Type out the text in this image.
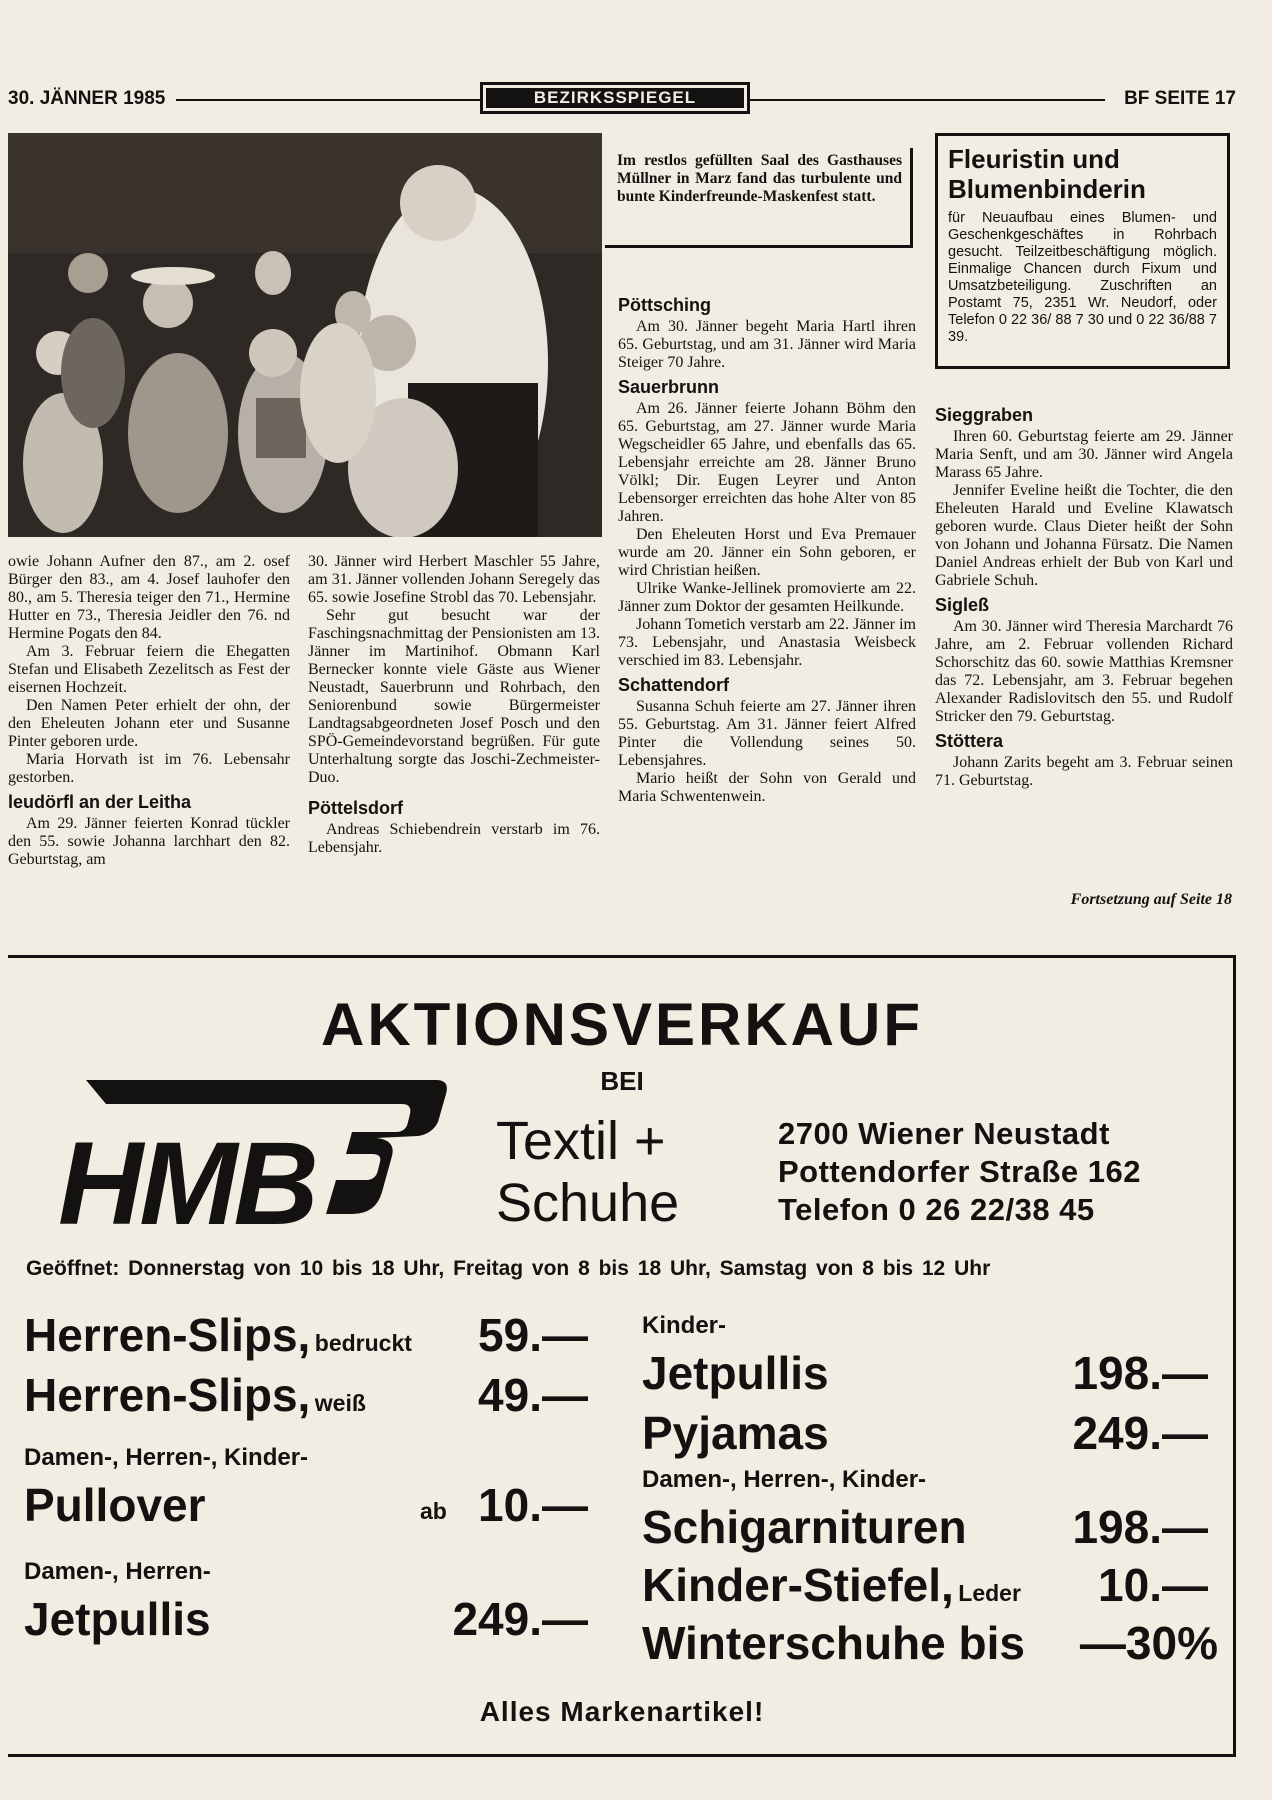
30. JÄNNER 1985	BEZIRKSSPIEGEL	BF SEITE 17
Im restlos gefüllten Saal des Gasthauses Müllner in Marz fand das turbulente und bunte Kinderfreunde-Maskenfest statt.

owie Johann Aufner den 87., am 2. osef Bürger den 83., am 4. Josef lauhofer den 80., am 5. Theresia teiger den 71., Hermine Hutter en 73., Theresia Jeidler den 76. nd Hermine Pogats den 84.

Am 3. Februar feiern die Ehegatten Stefan und Elisabeth Zezelitsch as Fest der eisernen Hochzeit.

Den Namen Peter erhielt der ohn, der den Eheleuten Johann eter und Susanne Pinter geboren urde.

Maria Horvath ist im 76. Lebensahr gestorben.

leudörfl an der Leitha

Am 29. Jänner feierten Konrad tückler den 55. sowie Johanna larchhart den 82. Geburtstag, am

30. Jänner wird Herbert Maschler 55 Jahre, am 31. Jänner vollenden Johann Seregely das 65. sowie Josefine Strobl das 70. Lebensjahr.

Sehr gut besucht war der Faschingsnachmittag der Pensionisten am 13. Jänner im Martinihof. Obmann Karl Bernecker konnte viele Gäste aus Wiener Neustadt, Sauerbrunn und Rohrbach, den Seniorenbund sowie Bürgermeister Landtagsabgeordneten Josef Posch und den SPÖ-Gemeindevorstand begrüßen. Für gute Unterhaltung sorgte das Joschi-Zechmeister-Duo.

Pöttelsdorf

Andreas Schiebendrein verstarb im 76. Lebensjahr.

Pöttsching

Am 30. Jänner begeht Maria Hartl ihren 65. Geburtstag, und am 31. Jänner wird Maria Steiger 70 Jahre.

Sauerbrunn

Am 26. Jänner feierte Johann Böhm den 65. Geburtstag, am 27. Jänner wurde Maria Wegscheidler 65 Jahre, und ebenfalls das 65. Lebensjahr erreichte am 28. Jänner Bruno Völkl; Dir. Eugen Leyrer und Anton Lebensorger erreichten das hohe Alter von 85 Jahren.

Den Eheleuten Horst und Eva Premauer wurde am 20. Jänner ein Sohn geboren, er wird Christian heißen.

Ulrike Wanke-Jellinek promovierte am 22. Jänner zum Doktor der gesamten Heilkunde.

Johann Tometich verstarb am 22. Jänner im 73. Lebensjahr, und Anastasia Weisbeck verschied im 83. Lebensjahr.

Schattendorf

Susanna Schuh feierte am 27. Jänner ihren 55. Geburtstag. Am 31. Jänner feiert Alfred Pinter die Vollendung seines 50. Lebensjahres.

Mario heißt der Sohn von Gerald und Maria Schwentenwein.

Fleuristin und Blumenbinderin
für Neuaufbau eines Blumen- und Geschenkgeschäftes in Rohrbach gesucht. Teilzeitbeschäftigung möglich. Einmalige Chancen durch Fixum und Umsatzbeteiligung. Zuschriften an Postamt 75, 2351 Wr. Neudorf, oder Telefon 0 22 36/ 88 7 30 und 0 22 36/88 7 39.
Sieggraben

Ihren 60. Geburtstag feierte am 29. Jänner Maria Senft, und am 30. Jänner wird Angela Marass 65 Jahre.

Jennifer Eveline heißt die Tochter, die den Eheleuten Harald und Eveline Klawatsch geboren wurde. Claus Dieter heißt der Sohn von Johann und Johanna Fürsatz. Die Namen Daniel Andreas erhielt der Bub von Karl und Gabriele Schuh.

Sigleß

Am 30. Jänner wird Theresia Marchardt 76 Jahre, am 2. Februar vollenden Richard Schorschitz das 60. sowie Matthias Kremsner das 72. Lebensjahr, am 3. Februar begehen Alexander Radislovitsch den 55. und Rudolf Stricker den 79. Geburtstag.

Stöttera

Johann Zarits begeht am 3. Februar seinen 71. Geburtstag.

Fortsetzung auf Seite 18
AKTIONSVERKAUF
BEI
HMB	Textil +
Schuhe
2700 Wiener Neustadt
Pottendorfer Straße 162
Telefon 0 26 22/38 45
Geöffnet: Donnerstag von 10 bis 18 Uhr, Freitag von 8 bis 18 Uhr, Samstag von 8 bis 12 Uhr
Herren-Slips, bedruckt	59.—
Herren-Slips, weiß	49.—
Damen-, Herren-, Kinder-
Pullover	ab 10.—
Damen-, Herren-
Jetpullis	249.—
Kinder-
Jetpullis	198.—
Pyjamas	249.—
Damen-, Herren-, Kinder-
Schigarnituren	198.—
Kinder-Stiefel, Leder	10.—
Winterschuhe bis	—30%
Alles Markenartikel!
